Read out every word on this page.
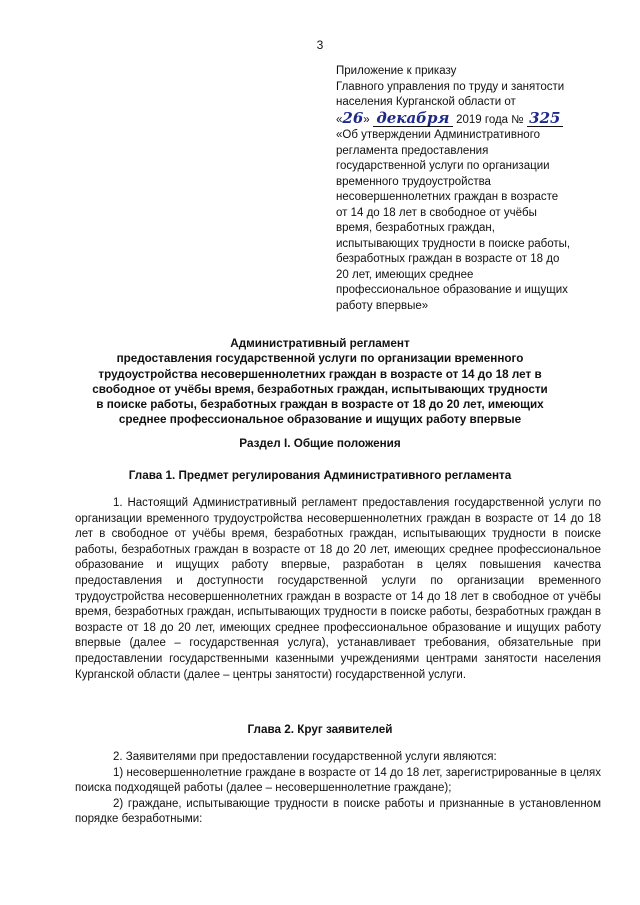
3
Приложение к приказу
Главного управления по труду и занятости
населения Курганской области от
«26» декабря 2019 года № 325
«Об утверждении Административного
регламента предоставления
государственной услуги по организации
временного трудоустройства
несовершеннолетних граждан в возрасте
от 14 до 18 лет в свободное от учёбы
время, безработных граждан,
испытывающих трудности в поиске работы,
безработных граждан в возрасте от 18 до
20 лет, имеющих среднее
профессиональное образование и ищущих
работу впервые»
Административный регламент
предоставления государственной услуги по организации временного трудоустройства несовершеннолетних граждан в возрасте от 14 до 18 лет в свободное от учёбы время, безработных граждан, испытывающих трудности в поиске работы, безработных граждан в возрасте от 18 до 20 лет, имеющих среднее профессиональное образование и ищущих работу впервые
Раздел I. Общие положения
Глава 1. Предмет регулирования Административного регламента

1. Настоящий Административный регламент предоставления государственной услуги по организации временного трудоустройства несовершеннолетних граждан в возрасте от 14 до 18 лет в свободное от учёбы время, безработных граждан, испытывающих трудности в поиске работы, безработных граждан в возрасте от 18 до 20 лет, имеющих среднее профессиональное образование и ищущих работу впервые, разработан в целях повышения качества предоставления и доступности государственной услуги по организации временного трудоустройства несовершеннолетних граждан в возрасте от 14 до 18 лет в свободное от учёбы время, безработных граждан, испытывающих трудности в поиске работы, безработных граждан в возрасте от 18 до 20 лет, имеющих среднее профессиональное образование и ищущих работу впервые (далее – государственная услуга), устанавливает требования, обязательные при предоставлении государственными казенными учреждениями центрами занятости населения Курганской области (далее – центры занятости) государственной услуги.

Глава 2. Круг заявителей

2. Заявителями при предоставлении государственной услуги являются:

1) несовершеннолетние граждане в возрасте от 14 до 18 лет, зарегистрированные в целях поиска подходящей работы (далее – несовершеннолетние граждане);

2) граждане, испытывающие трудности в поиске работы и признанные в установленном порядке безработными:
